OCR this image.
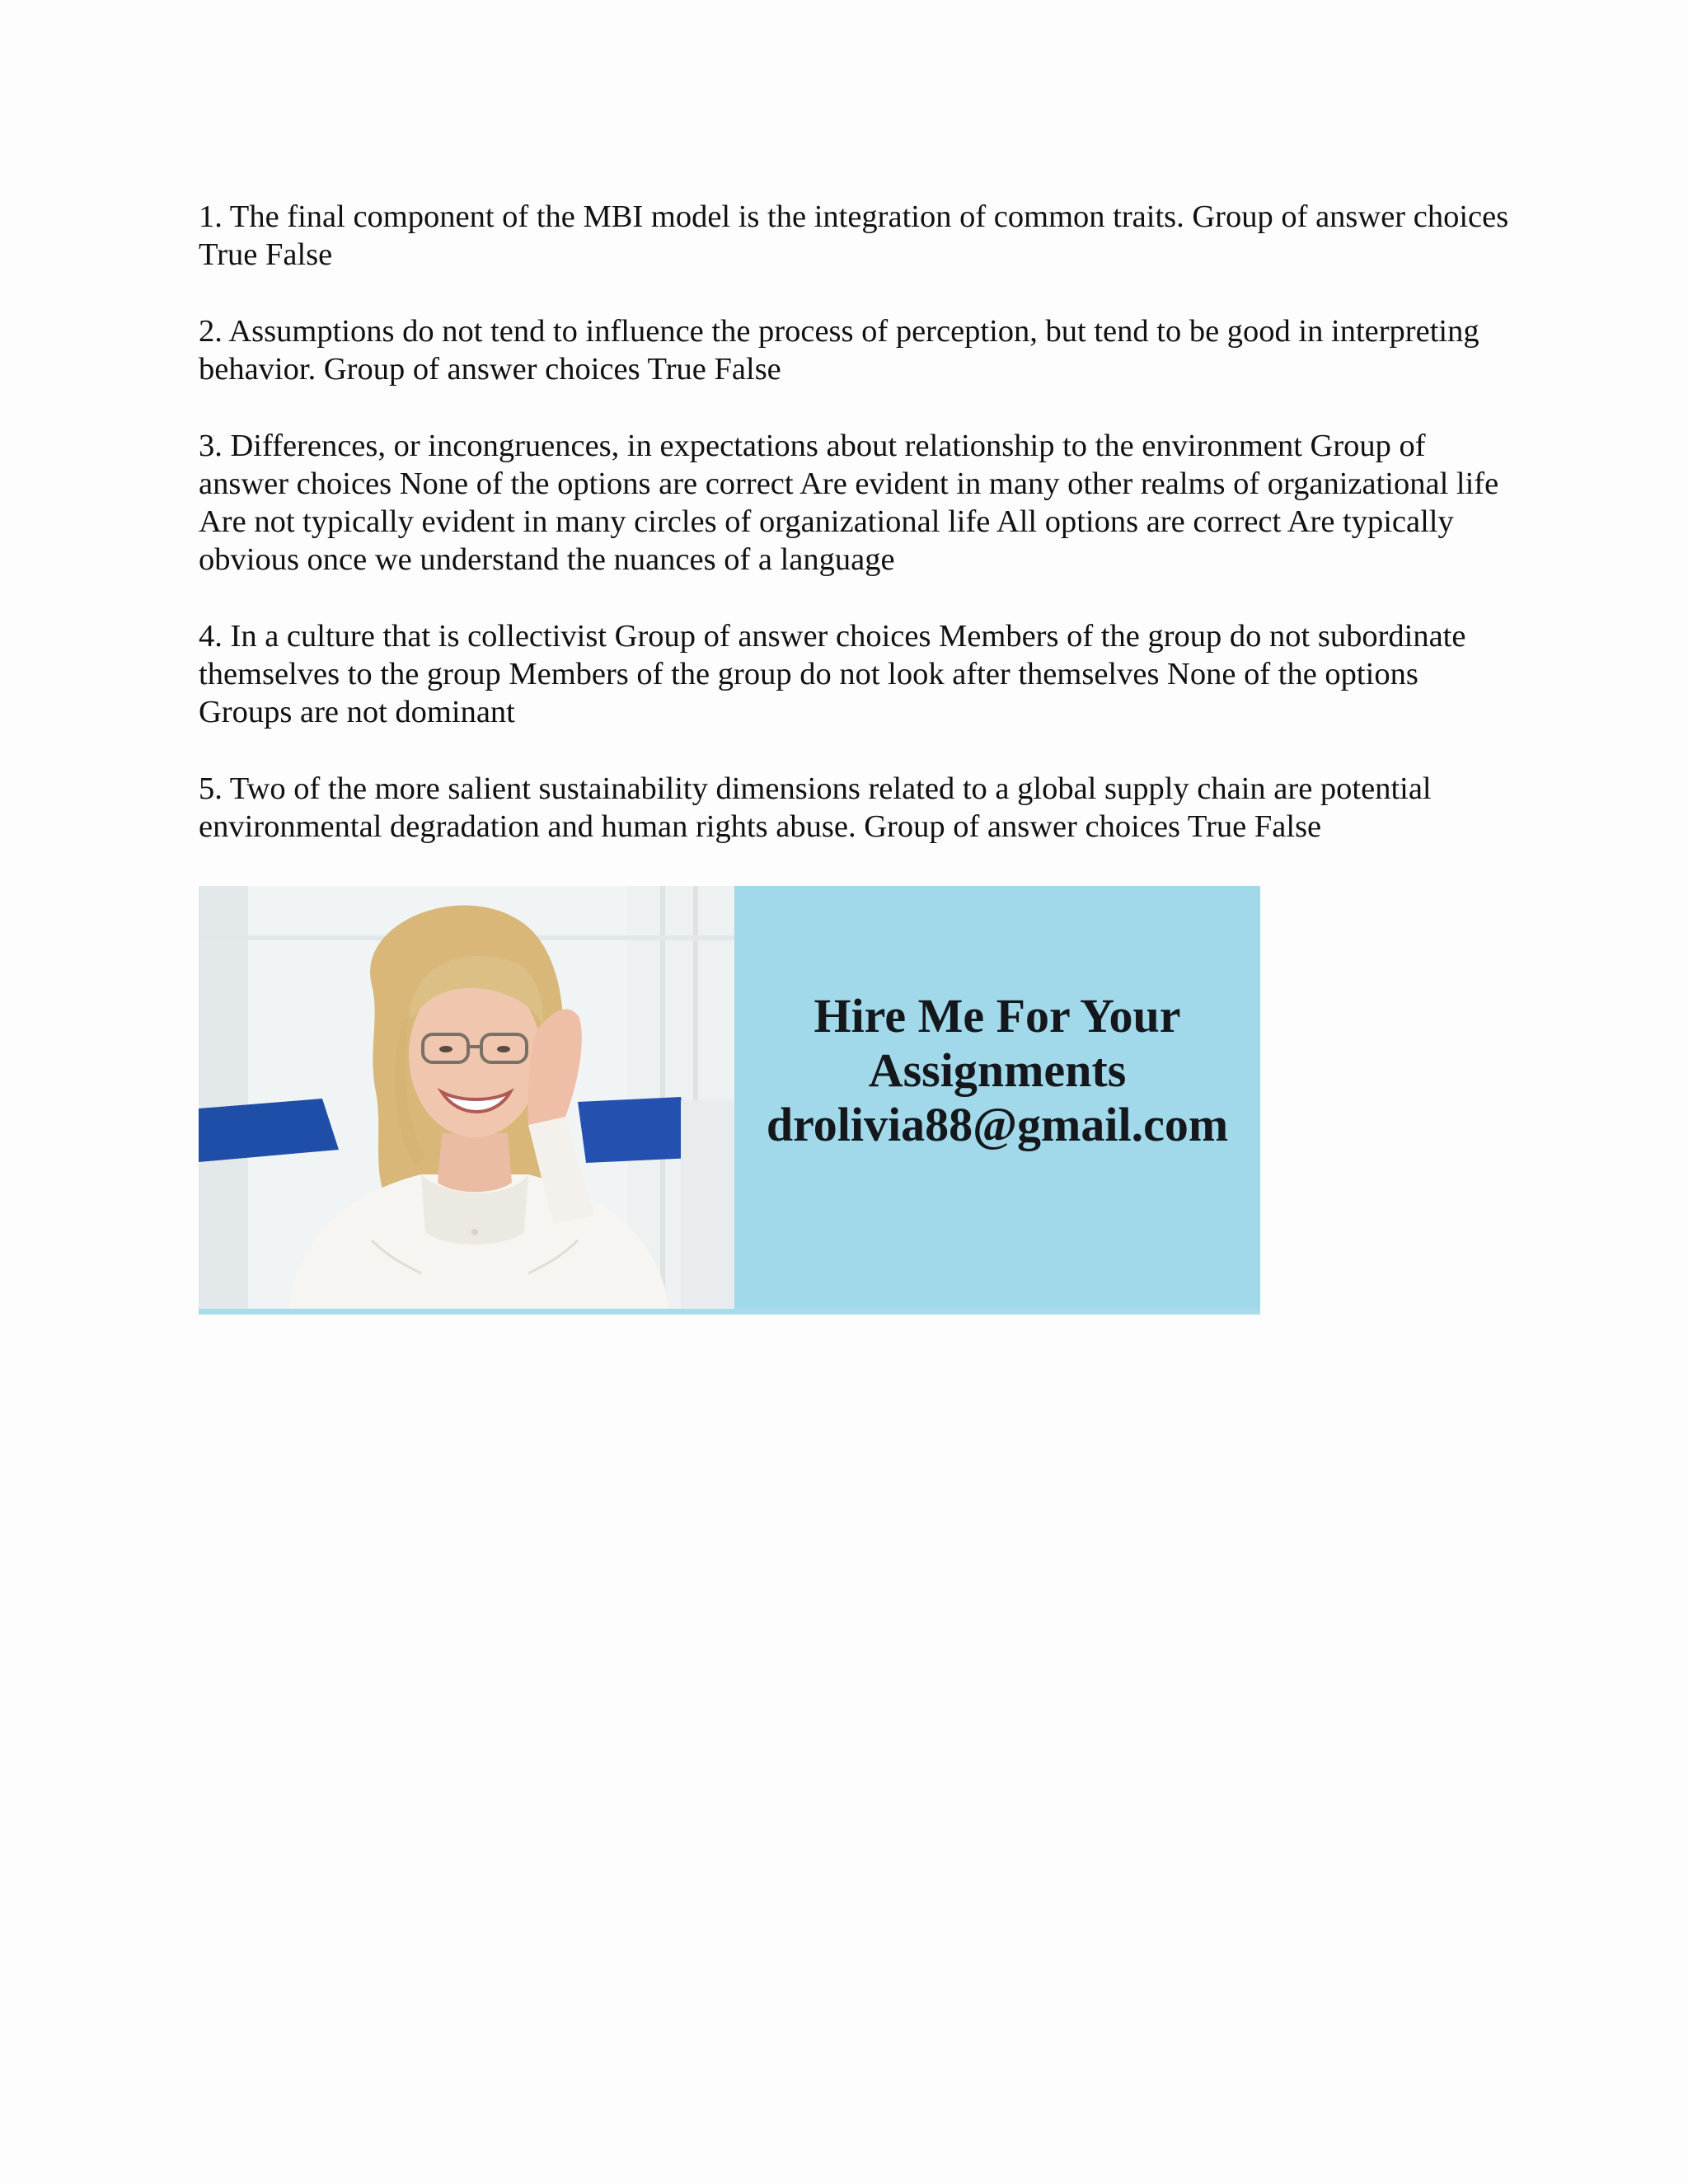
1. The final component of the MBI model is the integration of common traits. Group of answer choices True False

2. Assumptions do not tend to influence the process of perception, but tend to be good in interpreting behavior. Group of answer choices True False

3. Differences, or incongruences, in expectations about relationship to the environment Group of answer choices None of the options are correct Are evident in many other realms of organizational life Are not typically evident in many circles of organizational life All options are correct Are typically obvious once we understand the nuances of a language

4. In a culture that is collectivist Group of answer choices Members of the group do not subordinate themselves to the group Members of the group do not look after themselves None of the options Groups are not dominant

5. Two of the more salient sustainability dimensions related to a global supply chain are potential environmental degradation and human rights abuse. Group of answer choices True False

Hire Me For Your
Assignments
drolivia88@gmail.com
